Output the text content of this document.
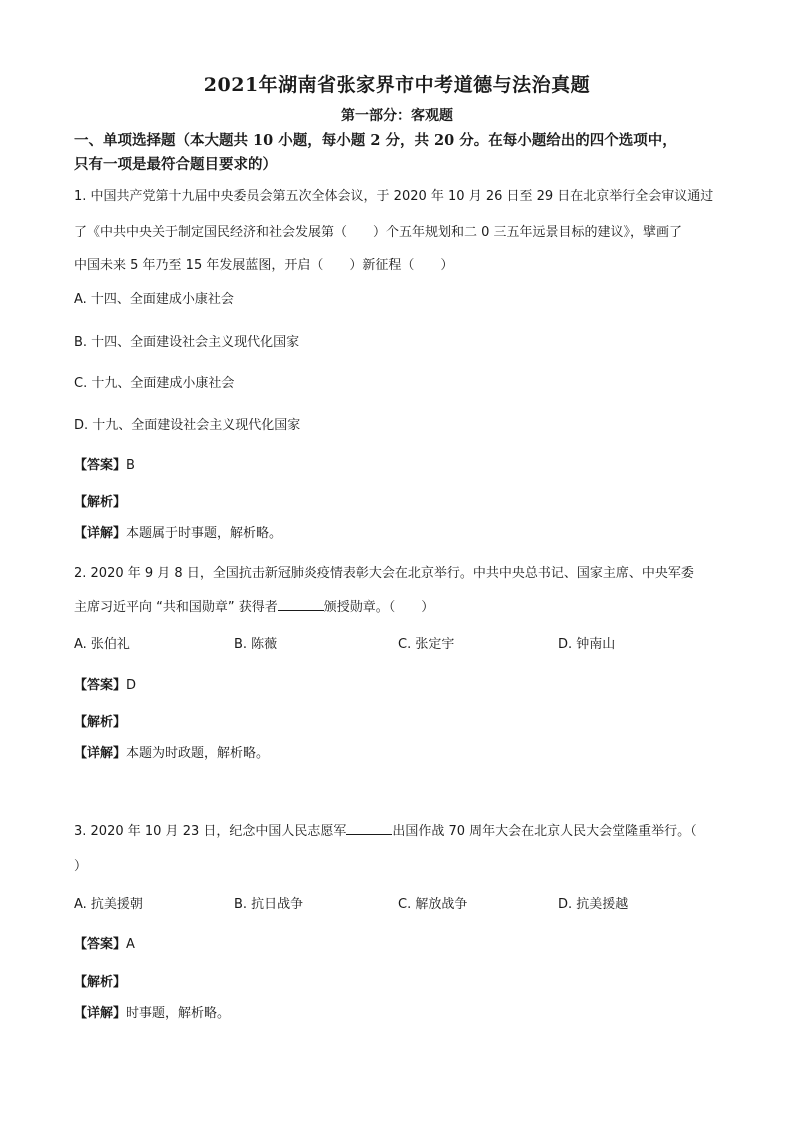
2021年湖南省张家界市中考道德与法治真题
第一部分：客观题
一、单项选择题（本大题共 10 小题，每小题 2 分，共 20 分。在每小题给出的四个选项中，
只有一项是最符合题目要求的）
1. 中国共产党第十九届中央委员会第五次全体会议，于 2020 年 10 月 26 日至 29 日在北京举行全会审议通过
了《中共中央关于制定国民经济和社会发展第（　　）个五年规划和二 0 三五年远景目标的建议》，擘画了
中国未来 5 年乃至 15 年发展蓝图，开启（　　）新征程（　　）
A. 十四、全面建成小康社会
B. 十四、全面建设社会主义现代化国家
C. 十九、全面建成小康社会
D. 十九、全面建设社会主义现代化国家
【答案】B
【解析】
【详解】本题属于时事题，解析略。
2. 2020 年 9 月 8 日，全国抗击新冠肺炎疫情表彰大会在北京举行。中共中央总书记、国家主席、中央军委
主席习近平向 “共和国勋章” 获得者	颁授勋章。（　　）
A. 张伯礼	B. 陈薇	C. 张定宇	D. 钟南山
【答案】D
【解析】
【详解】本题为时政题，解析略。
3. 2020 年 10 月 23 日，纪念中国人民志愿军	出国作战 70 周年大会在北京人民大会堂隆重举行。（
）
A. 抗美援朝	B. 抗日战争	C. 解放战争	D. 抗美援越
【答案】A
【解析】
【详解】时事题，解析略。
